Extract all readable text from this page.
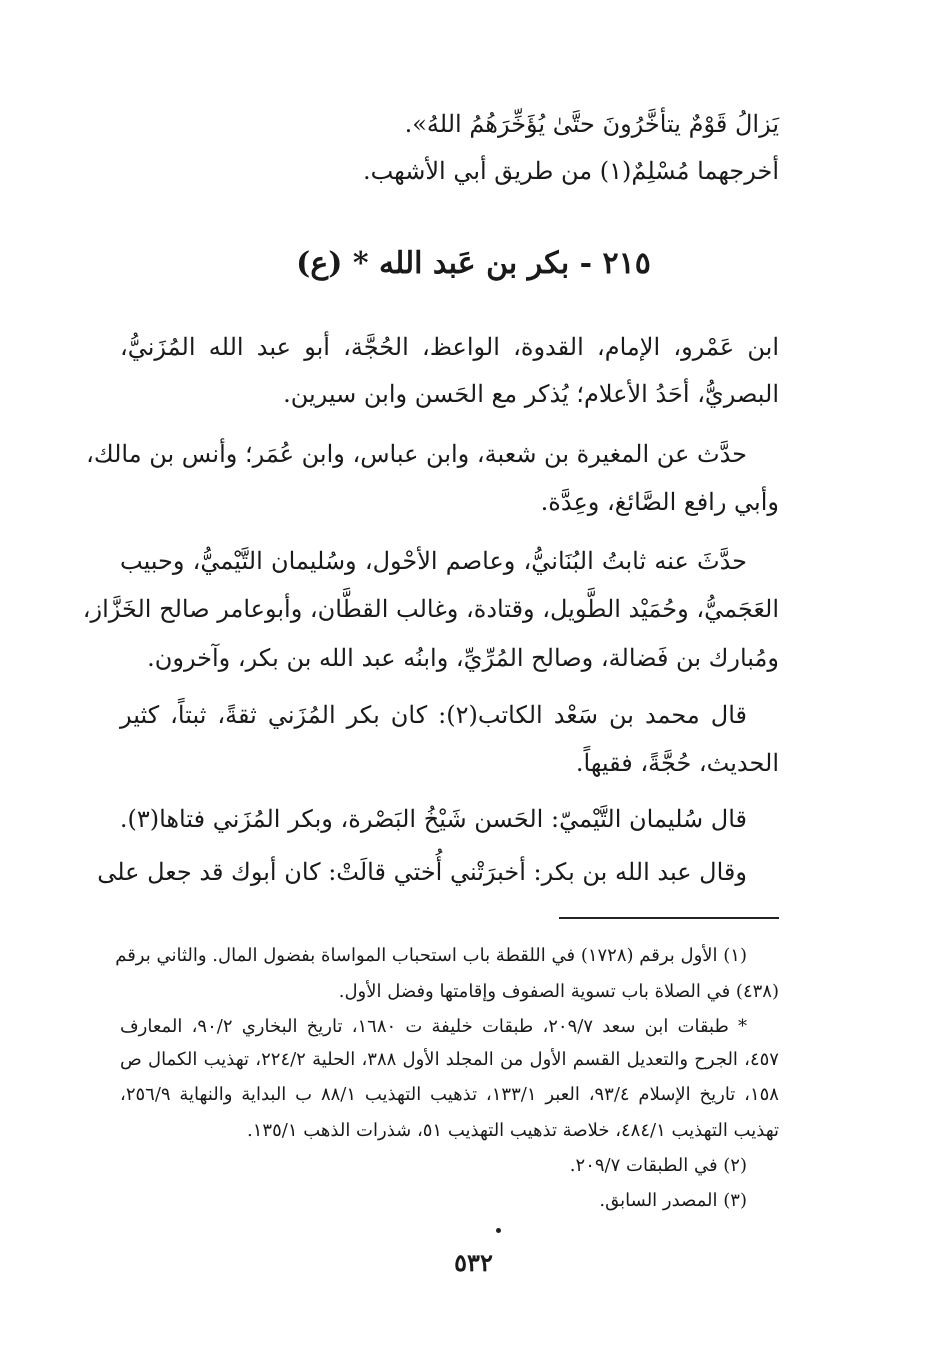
يَزالُ قَوْمٌ يتأخَّرُونَ حتَّىٰ يُؤَخِّرَهُمُ اللهُ».
أخرجهما مُسْلِمٌ(١) من طريق أبي الأشهب.
٢١٥ - بكر بن عَبد الله * (ع)
ابن عَمْرو، الإمام، القدوة، الواعظ، الحُجَّة، أبو عبد الله المُزَنيُّ،
البصريُّ، أحَدُ الأعلام؛ يُذكر مع الحَسن وابن سيرين.
حدَّث عن المغيرة بن شعبة، وابن عباس، وابن عُمَر؛ وأنس بن مالك،
وأبي رافع الصَّائغ، وعِدَّة.
حدَّثَ عنه ثابتُ البُنَانيُّ، وعاصم الأحْول، وسُليمان التَّيْميُّ، وحبيب
العَجَميُّ، وحُمَيْد الطَّويل، وقتادة، وغالب القطَّان، وأبوعامر صالح الخَزَّاز،
ومُبارك بن فَضالة، وصالح المُرِّيِّ، وابنُه عبد الله بن بكر، وآخرون.
قال محمد بن سَعْد الكاتب(٢): كان بكر المُزَني ثقةً، ثبتاً، كثير
الحديث، حُجَّةً، فقيهاً.
قال سُليمان التَّيْميّ: الحَسن شَيْخُ البَصْرة، وبكر المُزَني فتاها(٣).
وقال عبد الله بن بكر: أخبرَتْني أُختي قالَتْ: كان أبوك قد جعل على
(١) الأول برقم (١٧٢٨) في اللقطة باب استحباب المواساة بفضول المال. والثاني برقم
(٤٣٨) في الصلاة باب تسوية الصفوف وإقامتها وفضل الأول.
* طبقات ابن سعد ٢٠٩/٧، طبقات خليفة ت ١٦٨٠، تاريخ البخاري ٩٠/٢، المعارف
٤٥٧، الجرح والتعديل القسم الأول من المجلد الأول ٣٨٨، الحلية ٢٢٤/٢، تهذيب الكمال ص
١٥٨، تاريخ الإسلام ٩٣/٤، العبر ١٣٣/١، تذهيب التهذيب ٨٨/١ ب البداية والنهاية ٢٥٦/٩،
تهذيب التهذيب ٤٨٤/١، خلاصة تذهيب التهذيب ٥١، شذرات الذهب ١٣٥/١.
(٢) في الطبقات ٢٠٩/٧.
(٣) المصدر السابق.
٥٣٢
